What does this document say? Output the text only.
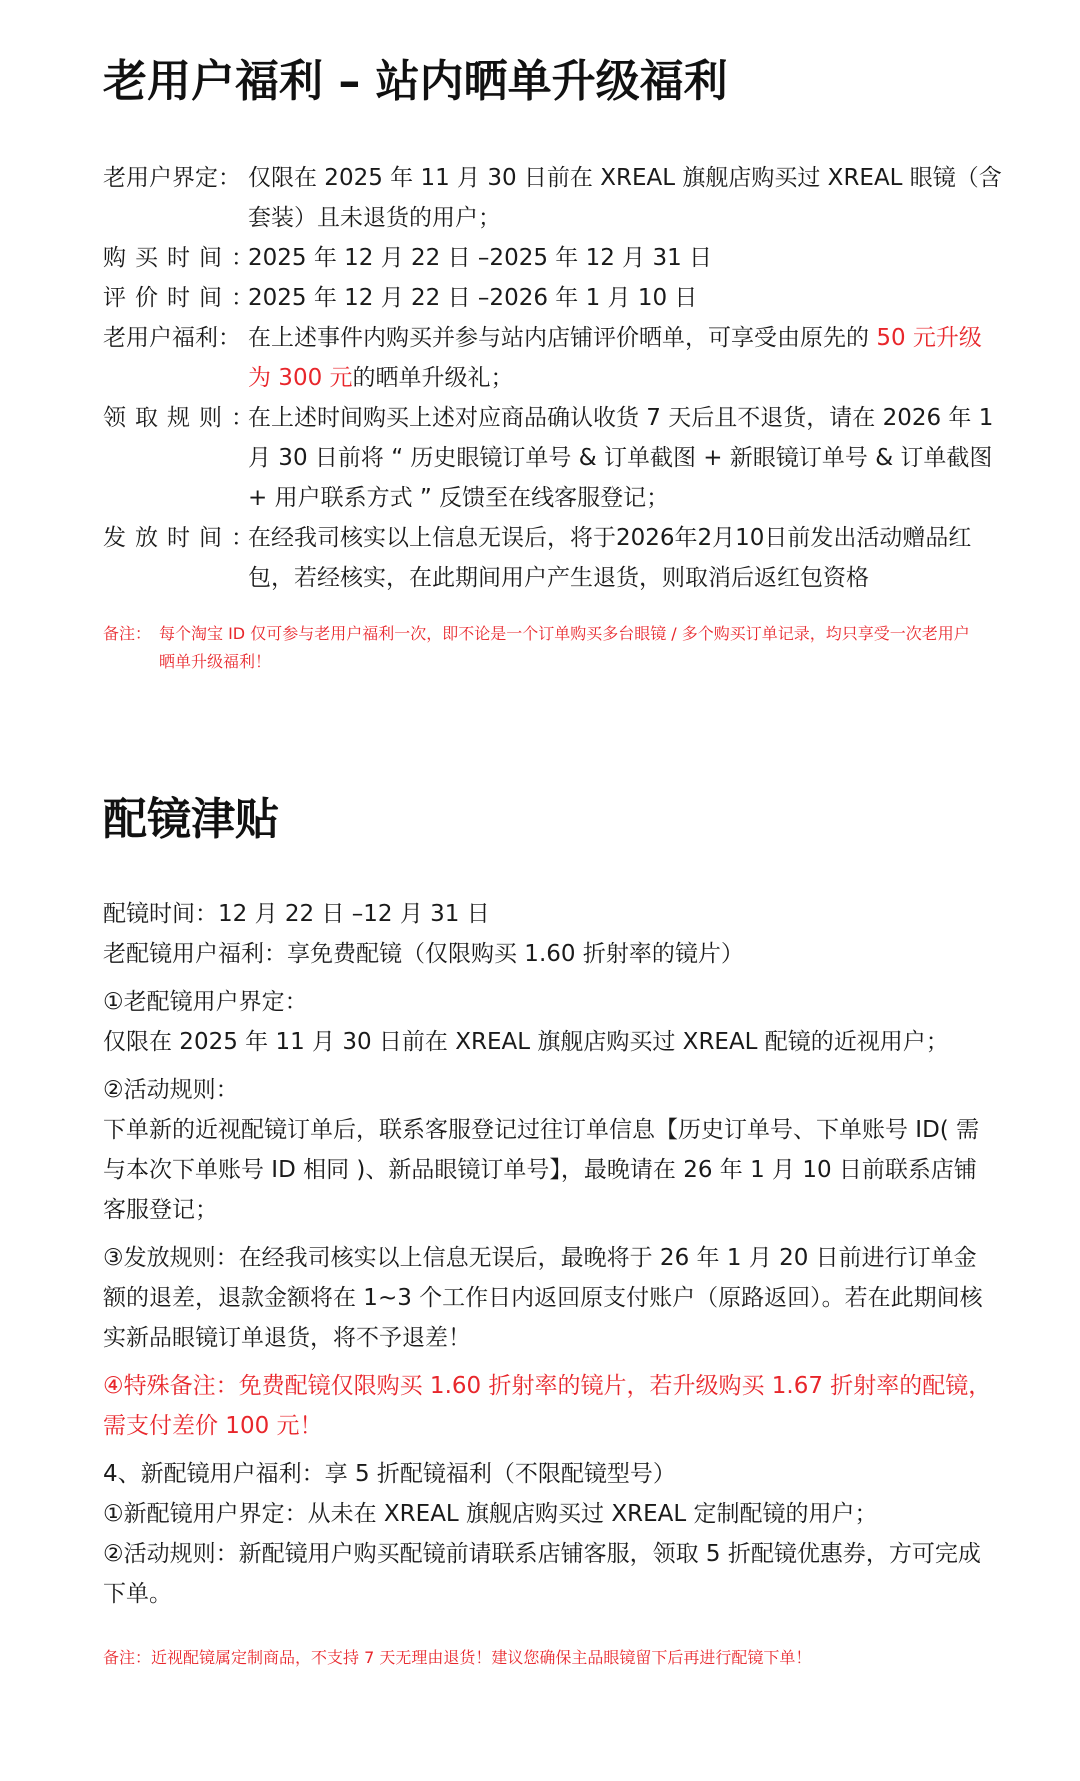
老用户福利 – 站内晒单升级福利
老用户界定： 仅限在 2025 年 11 月 30 日前在 XREAL 旗舰店购买过 XREAL 眼镜（含套装）且未退货的用户；
购买时间：
2025 年 12 月 22 日 –2025 年 12 月 31 日
评价时间：
2025 年 12 月 22 日 –2026 年 1 月 10 日
老用户福利： 在上述事件内购买并参与站内店铺评价晒单，可享受由原先的 50 元升级为 300 元的晒单升级礼；
领取规则：
在上述时间购买上述对应商品确认收货 7 天后且不退货，请在 2026 年 1 月 30 日前将 “ 历史眼镜订单号 & 订单截图 + 新眼镜订单号 & 订单截图 + 用户联系方式 ” 反馈至在线客服登记；
发放时间：
在经我司核实以上信息无误后，将于2026年2月10日前发出活动赠品红包，若经核实，在此期间用户产生退货，则取消后返红包资格
备注： 每个淘宝 ID 仅可参与老用户福利一次，即不论是一个订单购买多台眼镜 / 多个购买订单记录，均只享受一次老用户晒单升级福利！
配镜津贴
配镜时间：12 月 22 日 –12 月 31 日
老配镜用户福利：享免费配镜（仅限购买 1.60 折射率的镜片）
①老配镜用户界定：
仅限在 2025 年 11 月 30 日前在 XREAL 旗舰店购买过 XREAL 配镜的近视用户；
②活动规则：
下单新的近视配镜订单后，联系客服登记过往订单信息【历史订单号、下单账号 ID( 需与本次下单账号 ID 相同 )、新品眼镜订单号】，最晚请在 26 年 1 月 10 日前联系店铺客服登记；
③发放规则：在经我司核实以上信息无误后，最晚将于 26 年 1 月 20 日前进行订单金额的退差，退款金额将在 1~3 个工作日内返回原支付账户（原路返回）。若在此期间核实新品眼镜订单退货，将不予退差！
④特殊备注：免费配镜仅限购买 1.60 折射率的镜片，若升级购买 1.67 折射率的配镜，需支付差价 100 元！
4、新配镜用户福利：享 5 折配镜福利（不限配镜型号）
①新配镜用户界定：从未在 XREAL 旗舰店购买过 XREAL 定制配镜的用户；
②活动规则：新配镜用户购买配镜前请联系店铺客服，领取 5 折配镜优惠券，方可完成下单。
备注：近视配镜属定制商品，不支持 7 天无理由退货！建议您确保主品眼镜留下后再进行配镜下单！
